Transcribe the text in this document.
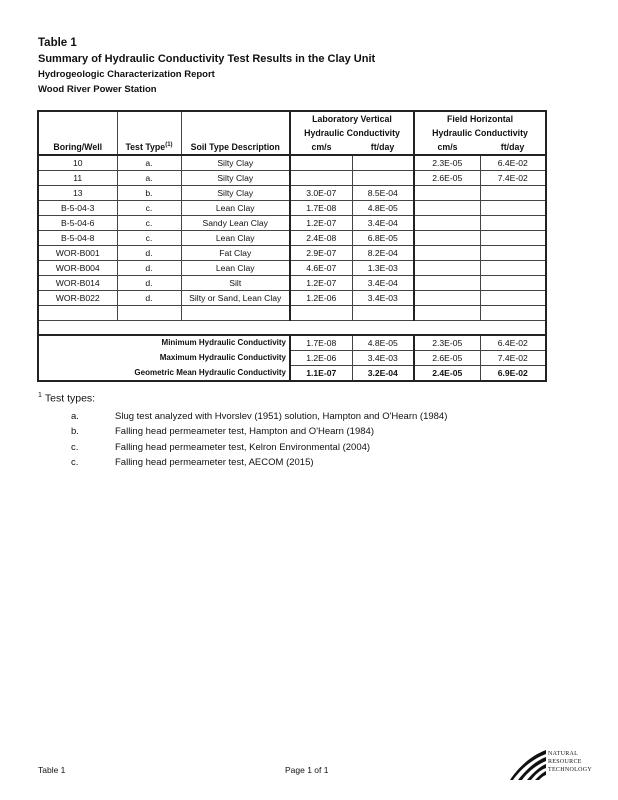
Table 1
Summary of Hydraulic Conductivity Test Results in the Clay Unit
Hydrogeologic Characterization Report
Wood River Power Station
			Laboratory Vertical		Field Horizontal	
			Hydraulic Conductivity		Hydraulic Conductivity	
Boring/Well	Test Type$^{(1)}$	Soil Type Description	cm/s	ft/day	cm/s	ft/day
10	a.	Silty Clay			2.3E-05	6.4E-02
11	a.	Silty Clay			2.6E-05	7.4E-02
13	b.	Silty Clay	3.0E-07	8.5E-04		
B-5-04-3	c.	Lean Clay	1.7E-08	4.8E-05		
B-5-04-6	c.	Sandy Lean Clay	1.2E-07	3.4E-04		
B-5-04-8	c.	Lean Clay	2.4E-08	6.8E-05		
WOR-B001	d.	Fat Clay	2.9E-07	8.2E-04		
WOR-B004	d.	Lean Clay	4.6E-07	1.3E-03		
WOR-B014	d.	Silt	1.2E-07	3.4E-04		
WOR-B022	d.	Silty or Sand, Lean Clay	1.2E-06	3.4E-03		

Minimum Hydraulic Conductivity			1.7E-08	4.8E-05	2.3E-05	6.4E-02
Maximum Hydraulic Conductivity			1.2E-06	3.4E-03	2.6E-05	7.4E-02
Geometric Mean Hydraulic Conductivity			1.1E-07	3.2E-04	2.4E-05	6.9E-02
$^1$ Test types:
a.	Slug test analyzed with Hvorslev (1951) solution, Hampton and O'Hearn (1984)
b.	Falling head permeameter test, Hampton and O'Hearn (1984)
c.	Falling head permeameter test, Kelron Environmental (2004)
c.	Falling head permeameter test, AECOM (2015)
Table 1	Page 1 of 1
NATURAL
RESOURCE
TECHNOLOGY
